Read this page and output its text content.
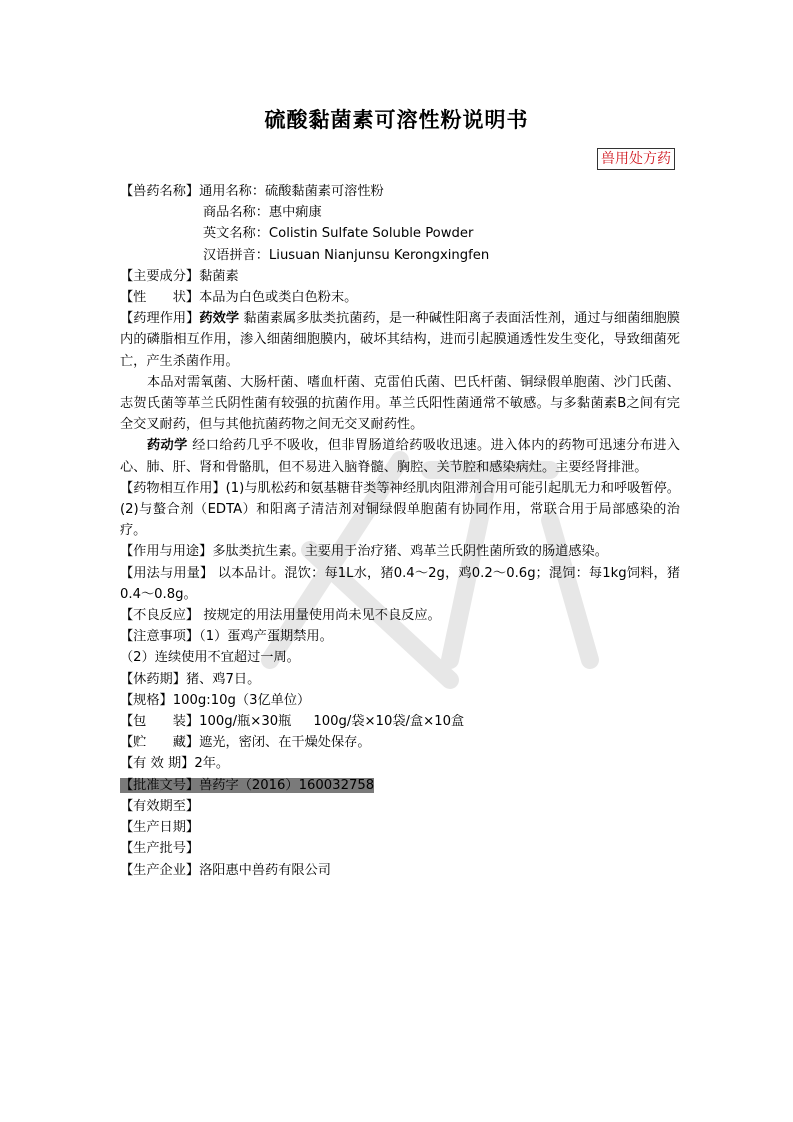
硫酸黏菌素可溶性粉说明书
兽用处方药
【兽药名称】通用名称：硫酸黏菌素可溶性粉
商品名称：惠中痢康
英文名称：Colistin Sulfate Soluble Powder
汉语拼音：Liusuan Nianjunsu Kerongxingfen
【主要成分】黏菌素
【性　　状】本品为白色或类白色粉末。
【药理作用】药效学 黏菌素属多肽类抗菌药，是一种碱性阳离子表面活性剂，通过与细菌细胞膜内的磷脂相互作用，渗入细菌细胞膜内，破坏其结构，进而引起膜通透性发生变化，导致细菌死亡，产生杀菌作用。
本品对需氧菌、大肠杆菌、嗜血杆菌、克雷伯氏菌、巴氏杆菌、铜绿假单胞菌、沙门氏菌、志贺氏菌等革兰氏阴性菌有较强的抗菌作用。革兰氏阳性菌通常不敏感。与多黏菌素B之间有完全交叉耐药，但与其他抗菌药物之间无交叉耐药性。
药动学 经口给药几乎不吸收，但非胃肠道给药吸收迅速。进入体内的药物可迅速分布进入心、肺、肝、肾和骨骼肌，但不易进入脑脊髓、胸腔、关节腔和感染病灶。主要经肾排泄。
【药物相互作用】(1)与肌松药和氨基糖苷类等神经肌肉阻滞剂合用可能引起肌无力和呼吸暂停。 (2)与螯合剂（EDTA）和阳离子清洁剂对铜绿假单胞菌有协同作用，常联合用于局部感染的治疗。
【作用与用途】多肽类抗生素。主要用于治疗猪、鸡革兰氏阴性菌所致的肠道感染。
【用法与用量】 以本品计。混饮：每1L水，猪0.4～2g，鸡0.2～0.6g；混饲：每1kg饲料，猪0.4～0.8g。
【不良反应】 按规定的用法用量使用尚未见不良反应。
【注意事项】（1）蛋鸡产蛋期禁用。
（2）连续使用不宜超过一周。
【休药期】猪、鸡7日。
【规格】100g:10g（3亿单位）
【包　　装】100g/瓶×30瓶 100g/袋×10袋/盒×10盒
【贮　　藏】遮光，密闭、在干燥处保存。
【有 效 期】2年。
【批准文号】兽药字（2016）160032758
【有效期至】
【生产日期】
【生产批号】
【生产企业】洛阳惠中兽药有限公司
